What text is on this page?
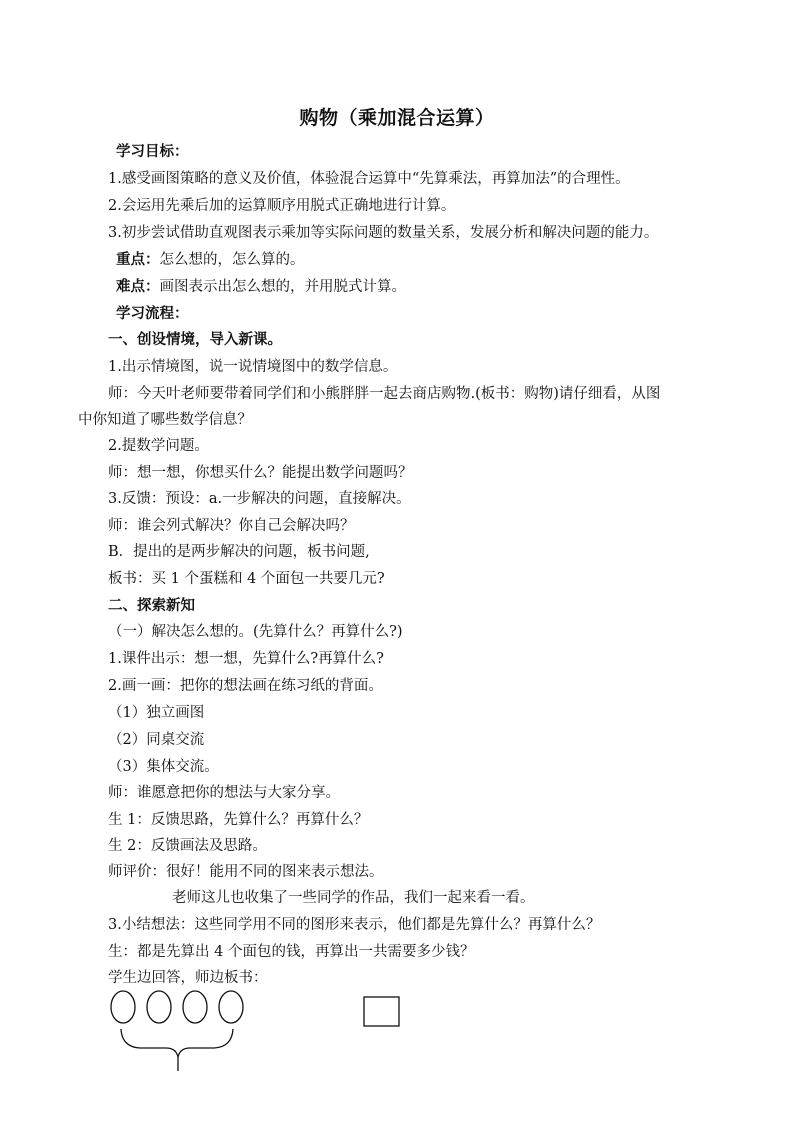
购物（乘加混合运算）
学习目标：
1.感受画图策略的意义及价值，体验混合运算中“先算乘法，再算加法”的合理性。
2.会运用先乘后加的运算顺序用脱式正确地进行计算。
3.初步尝试借助直观图表示乘加等实际问题的数量关系，发展分析和解决问题的能力。
重点：怎么想的，怎么算的。
难点：画图表示出怎么想的，并用脱式计算。
学习流程：
一、创设情境，导入新课。
1.出示情境图，说一说情境图中的数学信息。
师：今天叶老师要带着同学们和小熊胖胖一起去商店购物.(板书：购物)请仔细看，从图
中你知道了哪些数学信息？
2.提数学问题。
师：想一想，你想买什么？能提出数学问题吗？
3.反馈：预设：a.一步解决的问题，直接解决。
师：谁会列式解决？你自己会解决吗？
B．提出的是两步解决的问题，板书问题,
板书：买 1 个蛋糕和 4 个面包一共要几元?
二、探索新知
（一）解决怎么想的。(先算什么？再算什么?)
1.课件出示：想一想，先算什么?再算什么?
2.画一画：把你的想法画在练习纸的背面。
（1）独立画图
（2）同桌交流
（3）集体交流。
师：谁愿意把你的想法与大家分享。
生 1：反馈思路，先算什么？再算什么？
生 2：反馈画法及思路。
师评价：很好！能用不同的图来表示想法。
老师这儿也收集了一些同学的作品，我们一起来看一看。
3.小结想法：这些同学用不同的图形来表示，他们都是先算什么？再算什么？
生：都是先算出 4 个面包的钱，再算出一共需要多少钱？
学生边回答，师边板书：
